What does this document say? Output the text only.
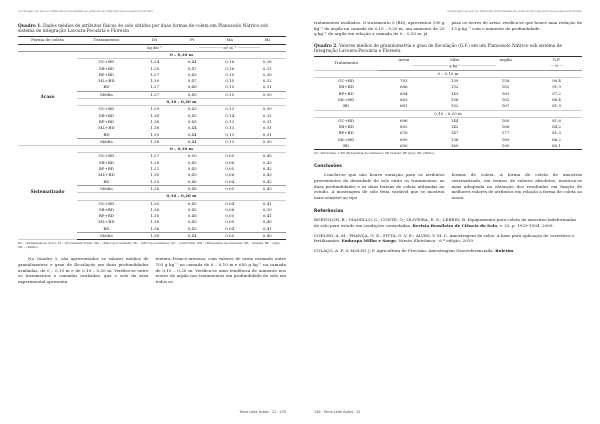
Amostragem do solo em diferentes profundidades em sistemas de integração lavoura-pecuária-floresta
Quadro 1. Dados médios de atributos físicos do solo obtidos por duas formas de coleta em Planossolo Nátrico sob sistema de integração Lavoura-Pecuária e Floresta
Forma de coleta	Tratamentos	Ds	Pt	Ma	Mi
		kg dm⁻³	------------------- m³ m⁻³ -------------------		
Acaso	0 – 0,10 m				
	GC+BD	1,24	0,44	0,16	0,28
	SB+BD	1,28	0,47	0,16	0,31
	BP+BD	1,27	0,45	0,15	0,30
	ML+BD	1,30	0,47	0,15	0,32
	BD	1,27	0,46	0,15	0,31
	Média	1,27	0,45	0,15	0,30
	0,10 – 0,20 m				
	GC+BD	1,39	0,43	0,13	0,30
	SB+BD	1,38	0,45	0,14	0,31
	BP+BD	1,38	0,45	0,13	0,31
	ML+BD	1,38	0,44	0,13	0,31
	BD	1,39	0,44	0,13	0,31
	Média	1,38	0,44	0,13	0,30
Sistematizado	0 – 0,10 m				
	GC+BD	1,27	0,50	0,05	0,45
	SB+BD	1,28	0,49	0,06	0,43
	BP+BD	1,22	0,45	0,05	0,42
	ML+BD	1,30	0,49	0,06	0,43
	BD	1,25	0,46	0,04	0,42
	Média	1,26	0,48	0,05	0,43
	0,10 – 0,20 m				
	GC+BD	1,35	0,45	0,04	0,41
	SB+BD	1,36	0,45	0,06	0,39
	BP+BD	1,35	0,46	0,05	0,41
	ML+BD	1,36	0,49	0,09	0,40
	BD	1,36	0,45	0,04	0,41
	Média	1,38	0,44	0,05	0,40
Ds – (Densidade do Solo); Pt – (Porosidade Total); Ma – (Macroporosidade); Mi – (Microporosidade); GC – (Gliricídia); BD – (Braquiária decumbens); SB – (Sabiá); BP – (Ipê); ML – (Milho).

No Quadro 2, são apresentados os valores médios de granulometria e grau de floculação em duas profundidades avaliadas, de 0 – 0,10 m e de 0,10 – 0,20 m. Verifica-se entre os tratamentos e camadas avaliadas, que o solo da área experimental apresenta

textura Franco-arenosa, com valores de areia variando entre 703 g kg⁻¹ na camada de 0 – 0,10 m e 650 g kg⁻¹ na camada de 0,10 – 0,20 m. Verifica-se uma tendência de aumento nos teores de argila nos tratamentos em profundidade do solo em todos os

Tema Leite Ações · 21 · 135
Amostragem do solo em diferentes profundidades em sistemas de integração lavoura-pecuária-floresta

tratamentos avaliados. O tratamento 5 (BD), apresentou 190 g kg⁻¹ de argila na camada de 0,10 – 0,20 m, um aumento de 25 g kg⁻¹ de argila em relação a camada de 0 – 0,10 m, já

para os teores de areia, verifica-se que houve uma redução de 13 g kg⁻¹ com o aumento de profundidade.

Quadro 2. Valores médios de granulometria e grau de floculação (G.F.) em um Planossolo Nátrico sob sistema de Integração Lavoura-Pecuária e Floresta
Tratamento	Areia	Silte	Argila	G.F.
	------------------------------- g kg⁻¹ -------------------------------			--- % ---
0 – 0,10 m				
GC+BD	703	139	158	90,4
SB+BD	686	152	162	91,9
BP+BD	694	143	163	97,2
ML+BD	683	156	162	86,4
BD	681	152	167	81,9
0,10 – 0,20 m				
GC+BD	696	144	160	81,6
SB+BD	692	142	166	84,2
BP+BD	676	147	177	81,5
ML+BD	695	136	169	86,2
BD	650	160	190	80,1
GC (Gliricídia) + BD (Braquiária decumbens); SB (Sabiá); BP (Ipê); ML (Milho).
Conclusões

Conclui-se que não houve variação para os atributos provenientes da densidade do solo entre os tratamentos, as duas profundidades e as duas formas de coleta utilizadas no estudo. A mostragem de solo feita variável que se mostrou mais sensível ao tipo

formas de coleta. A forma de coleta de amostras sistematizado, em termos de valores absolutos, mostrou-se mais adequada na obtenção dos resultados em função de melhores valores de atributos em relação a forma de coleta ao acaso.

Referências

BORTOLON, B.; GIANELLO, C.; CONTE, O.; OLIVEIRA, E. S.; LEBRIN, B. Equipamento para coleta de amostras indeformadas de solo para estudo em condições controladas. Revista Brasileira de Ciência do Solo, v. 33, p. 1929-1934, 2009.

COELHO, A. M.; FRANÇA, G. E.; PITTA, G. V. E.; ALVES, V. M. C. Amostragem de solos: A base para aplicação de corretivos e fertilizantes. Embrapa Milho e Sorgo: Versão Eletrônica - 6 ª edição, 2010.

COLAÇO, A. F. & MOLIN, J. P. Agricultura de Precisão: Amostragem Georreferenciada. Boletim

136 · Tema Leite Ações · 21
